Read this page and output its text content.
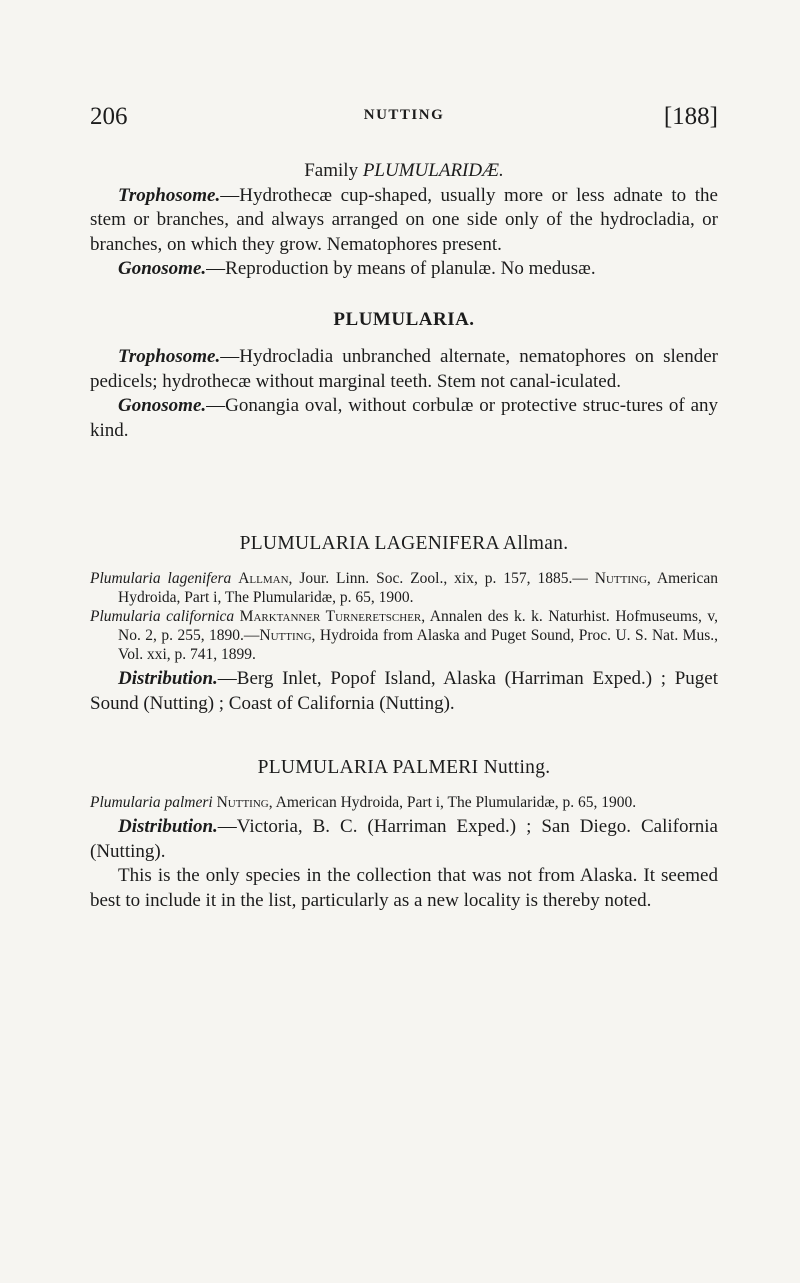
206	NUTTING	[188]

Family PLUMULARIDÆ.

Trophosome.—Hydrothecæ cup-shaped, usually more or less adnate to the stem or branches, and always arranged on one side only of the hydrocladia, or branches, on which they grow. Nematophores present.

Gonosome.—Reproduction by means of planulæ. No medusæ.

PLUMULARIA.

Trophosome.—Hydrocladia unbranched alternate, nematophores on slender pedicels; hydrothecæ without marginal teeth. Stem not canal-iculated.

Gonosome.—Gonangia oval, without corbulæ or protective struc-tures of any kind.

PLUMULARIA LAGENIFERA Allman.

Plumularia lagenifera Allman, Jour. Linn. Soc. Zool., xix, p. 157, 1885.— Nutting, American Hydroida, Part i, The Plumularidæ, p. 65, 1900.

Plumularia californica Marktanner Turneretscher, Annalen des k. k. Naturhist. Hofmuseums, v, No. 2, p. 255, 1890.—Nutting, Hydroida from Alaska and Puget Sound, Proc. U. S. Nat. Mus., Vol. xxi, p. 741, 1899.

Distribution.—Berg Inlet, Popof Island, Alaska (Harriman Exped.) ; Puget Sound (Nutting) ; Coast of California (Nutting).

PLUMULARIA PALMERI Nutting.

Plumularia palmeri Nutting, American Hydroida, Part i, The Plumularidæ, p. 65, 1900.

Distribution.—Victoria, B. C. (Harriman Exped.) ; San Diego. California (Nutting).

This is the only species in the collection that was not from Alaska. It seemed best to include it in the list, particularly as a new locality is thereby noted.
